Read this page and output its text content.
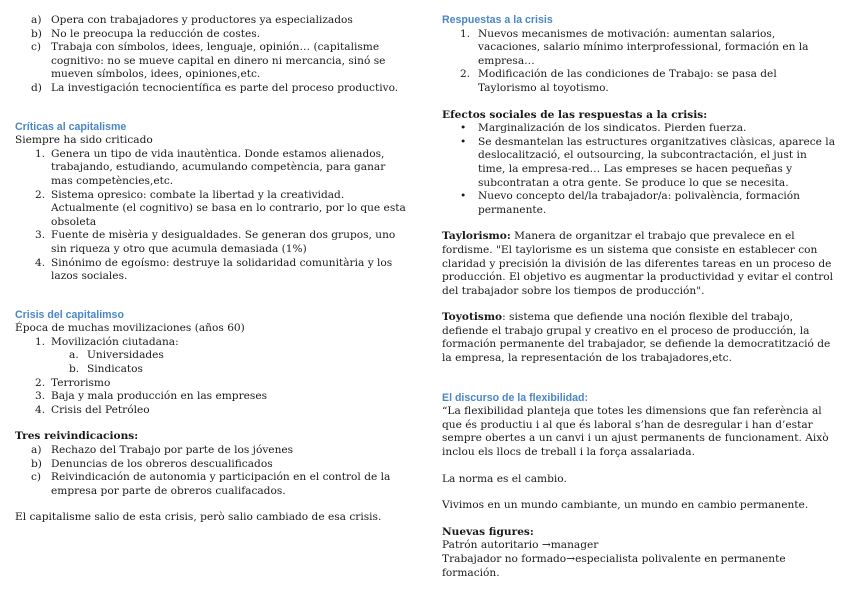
a) Opera con trabajadores y productores ya especializados
b) No le preocupa la reducción de costes.
c) Trabaja con símbolos, idees, lenguaje, opinión… (capitalisme cognitivo: no se mueve capital en dinero ni mercancia, sinó se mueven símbolos, idees, opiniones,etc.
d) La investigación tecnocientífica es parte del proceso productivo.
Críticas al capitalisme

Siempre ha sido criticado

1. Genera un tipo de vida inautèntica. Donde estamos alienados, trabajando, estudiando, acumulando competència, para ganar mas competències,etc.
2. Sistema opresico: combate la libertad y la creatividad. Actualmente (el cognitivo) se basa en lo contrario, por lo que esta obsoleta
3. Fuente de misèria y desigualdades. Se generan dos grupos, uno sin riqueza y otro que acumula demasiada (1%)
4. Sinónimo de egoísmo: destruye la solidaridad comunitària y los lazos sociales.
Crisis del capitalimso

Época de muchas movilizaciones (años 60)

1. Movilización ciutadana:
a. Universidades
b. Sindicatos
2. Terrorismo
3. Baja y mala producción en las empreses
4. Crisis del Petróleo
Tres reivindicacions:
a) Rechazo del Trabajo por parte de los jóvenes
b) Denuncias de los obreros descualificados
c) Reivindicación de autonomia y participación en el control de la empresa por parte de obreros cualifacados.

El capitalisme salio de esta crisis, però salio cambiado de esa crisis.

Respuestas a la crisis
1. Nuevos mecanismes de motivación: aumentan salarios, vacaciones, salario mínimo interprofessional, formación en la empresa…
2. Modificación de las condiciones de Trabajo: se pasa del Taylorismo al toyotismo.
Efectos sociales de las respuestas a la crisis:
• Marginalización de los sindicatos. Pierden fuerza.
• Se desmantelan las estructures organitzatives clàsicas, aparece la deslocalització, el outsourcing, la subcontractación, el just in time, la empresa-red… Las empreses se hacen pequeñas y subcontratan a otra gente. Se produce lo que se necesita.
• Nuevo concepto del/la trabajador/a: polivalència, formación permanente.

Taylorismo: Manera de organitzar el trabajo que prevalece en el fordisme. "El taylorisme es un sistema que consiste en establecer con claridad y precisión la división de las diferentes tareas en un proceso de producción. El objetivo es augmentar la productividad y evitar el control del trabajador sobre los tiempos de producción".

Toyotismo: sistema que defiende una noción flexible del trabajo, defiende el trabajo grupal y creativo en el proceso de producción, la formación permanente del trabajador, se defiende la democratització de la empresa, la representación de los trabajadores,etc.

El discurso de la flexibilidad:

“La flexibilidad planteja que totes les dimensions que fan referència al que és productiu i al que és laboral s’han de desregular i han d’estar sempre obertes a un canvi i un ajust permanents de funcionament. Això inclou els llocs de treball i la força assalariada.

La norma es el cambio.

Vivimos en un mundo cambiante, un mundo en cambio permanente.

Nuevas figures:

Patrón autoritario →manager

Trabajador no formado→especialista polivalente en permanente formación.
